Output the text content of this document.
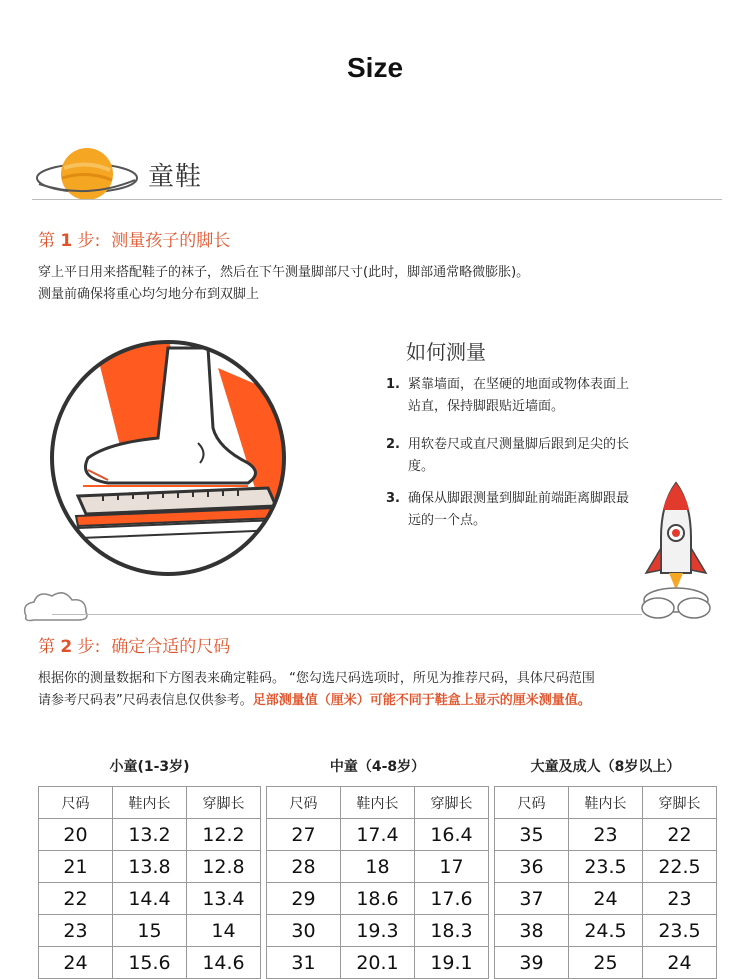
Size
童鞋
第 1 步: 测量孩子的脚长
穿上平日用来搭配鞋子的袜子，然后在下午测量脚部尺寸(此时，脚部通常略微膨胀)。
测量前确保将重心均匀地分布到双脚上
如何测量
1. 紧靠墙面，在坚硬的地面或物体表面上站直，保持脚跟贴近墙面。
2. 用软卷尺或直尺测量脚后跟到足尖的长度。
3. 确保从脚跟测量到脚趾前端距离脚跟最远的一个点。
第 2 步: 确定合适的尺码
根据你的测量数据和下方图表来确定鞋码。 “您勾选尺码选项时，所见为推荐尺码，具体尺码范围
请参考尺码表”尺码表信息仅供参考。足部测量值（厘米）可能不同于鞋盒上显示的厘米测量值。
小童(1-3岁)
尺码	鞋内长	穿脚长
20	13.2	12.2
21	13.8	12.8
22	14.4	13.4
23	15	14
24	15.6	14.6
中童（4-8岁）
尺码	鞋内长	穿脚长
27	17.4	16.4
28	18	17
29	18.6	17.6
30	19.3	18.3
31	20.1	19.1
大童及成人（8岁以上）
尺码	鞋内长	穿脚长
35	23	22
36	23.5	22.5
37	24	23
38	24.5	23.5
39	25	24
